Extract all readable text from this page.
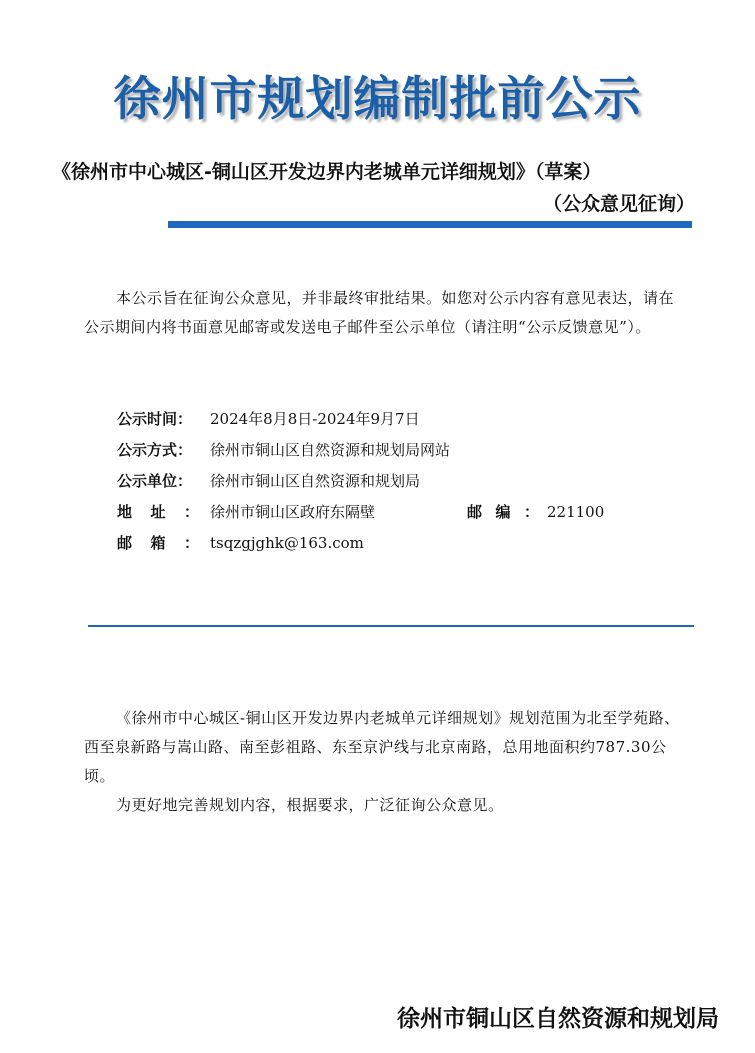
徐州市规划编制批前公示
《徐州市中心城区-铜山区开发边界内老城单元详细规划》（草案）
（公众意见征询）
本公示旨在征询公众意见，并非最终审批结果。如您对公示内容有意见表达，请在公示期间内将书面意见邮寄或发送电子邮件至公示单位（请注明“公示反馈意见”）。
公示时间： 2024年8月8日-2024年9月7日
公示方式： 徐州市铜山区自然资源和规划局网站
公示单位： 徐州市铜山区自然资源和规划局
地址： 徐州市铜山区政府东隔壁	邮编： 221100
邮箱： tsqzgjghk@163.com

《徐州市中心城区-铜山区开发边界内老城单元详细规划》规划范围为北至学苑路、西至泉新路与嵩山路、南至彭祖路、东至京沪线与北京南路，总用地面积约787.30公顷。

为更好地完善规划内容，根据要求，广泛征询公众意见。

徐州市铜山区自然资源和规划局
